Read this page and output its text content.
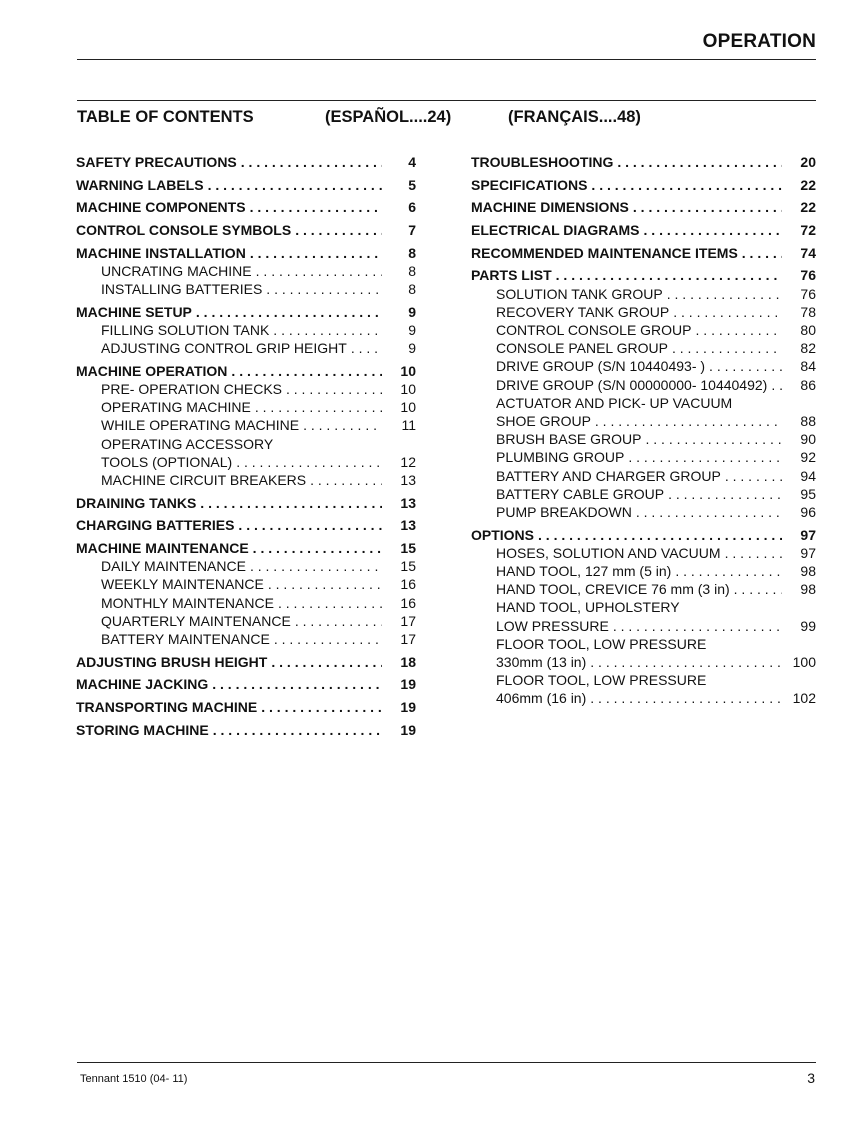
OPERATION
TABLE OF CONTENTS	(ESPAÑOL....24)	(FRANÇAIS....48)
SAFETY PRECAUTIONS . . .	4
WARNING LABELS . . .	5
MACHINE COMPONENTS . . .	6
CONTROL CONSOLE SYMBOLS . . .	7
MACHINE INSTALLATION . . .	8
UNCRATING MACHINE . . .	8
INSTALLING BATTERIES . . .	8
MACHINE SETUP . . .	9
FILLING SOLUTION TANK . . .	9
ADJUSTING CONTROL GRIP HEIGHT . . .	9
MACHINE OPERATION . . .	10
PRE- OPERATION CHECKS . . .	10
OPERATING MACHINE . . .	10
WHILE OPERATING MACHINE . . .	11
OPERATING ACCESSORY
TOOLS (OPTIONAL) . . .	12
MACHINE CIRCUIT BREAKERS . . .	13
DRAINING TANKS . . .	13
CHARGING BATTERIES . . .	13
MACHINE MAINTENANCE . . .	15
DAILY MAINTENANCE . . .	15
WEEKLY MAINTENANCE . . .	16
MONTHLY MAINTENANCE . . .	16
QUARTERLY MAINTENANCE . . .	17
BATTERY MAINTENANCE . . .	17
ADJUSTING BRUSH HEIGHT . . .	18
MACHINE JACKING . . .	19
TRANSPORTING MACHINE . . .	19
STORING MACHINE . . .	19
TROUBLESHOOTING . . .	20
SPECIFICATIONS . . .	22
MACHINE DIMENSIONS . . .	22
ELECTRICAL DIAGRAMS . . .	72
RECOMMENDED MAINTENANCE ITEMS . . .	74
PARTS LIST . . .	76
SOLUTION TANK GROUP . . .	76
RECOVERY TANK GROUP . . .	78
CONTROL CONSOLE GROUP . . .	80
CONSOLE PANEL GROUP . . .	82
DRIVE GROUP (S/N 10440493- ) . . .	84
DRIVE GROUP (S/N 00000000- 10440492) . . .	86
ACTUATOR AND PICK- UP VACUUM
SHOE GROUP . . .	88
BRUSH BASE GROUP . . .	90
PLUMBING GROUP . . .	92
BATTERY AND CHARGER GROUP . . .	94
BATTERY CABLE GROUP . . .	95
PUMP BREAKDOWN . . .	96
OPTIONS . . .	97
HOSES, SOLUTION AND VACUUM . . .	97
HAND TOOL, 127 mm (5 in) . . .	98
HAND TOOL, CREVICE 76 mm (3 in) . . .	98
HAND TOOL, UPHOLSTERY
LOW PRESSURE . . .	99
FLOOR TOOL, LOW PRESSURE
330mm (13 in) . . .	100
FLOOR TOOL, LOW PRESSURE
406mm (16 in) . . .	102
Tennant 1510 (04- 11)	3
